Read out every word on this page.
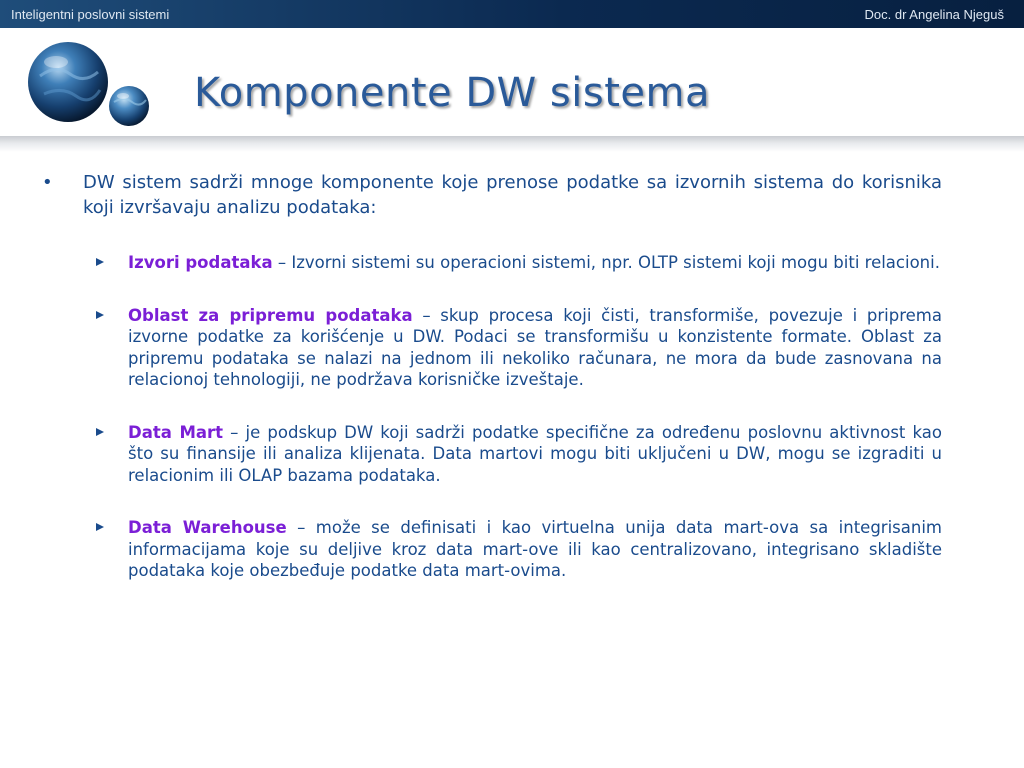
Inteligentni poslovni sistemi	Doc. dr Angelina Njeguš
Komponente DW sistema
• DW sistem sadrži mnoge komponente koje prenose podatke sa izvornih sistema do korisnika koji izvršavaju analizu podataka:
Izvori podataka – Izvorni sistemi su operacioni sistemi, npr. OLTP sistemi koji mogu biti relacioni.
Oblast za pripremu podataka – skup procesa koji čisti, transformiše, povezuje i priprema izvorne podatke za korišćenje u DW. Podaci se transformišu u konzistente formate. Oblast za pripremu podataka se nalazi na jednom ili nekoliko računara, ne mora da bude zasnovana na relacionoj tehnologiji, ne podržava korisničke izveštaje.
Data Mart – je podskup DW koji sadrži podatke specifične za određenu poslovnu aktivnost kao što su finansije ili analiza klijenata. Data martovi mogu biti uključeni u DW, mogu se izgraditi u relacionim ili OLAP bazama podataka.
Data Warehouse – može se definisati i kao virtuelna unija data mart-ova sa integrisanim informacijama koje su deljive kroz data mart-ove ili kao centralizovano, integrisano skladište podataka koje obezbeđuje podatke data mart-ovima.
